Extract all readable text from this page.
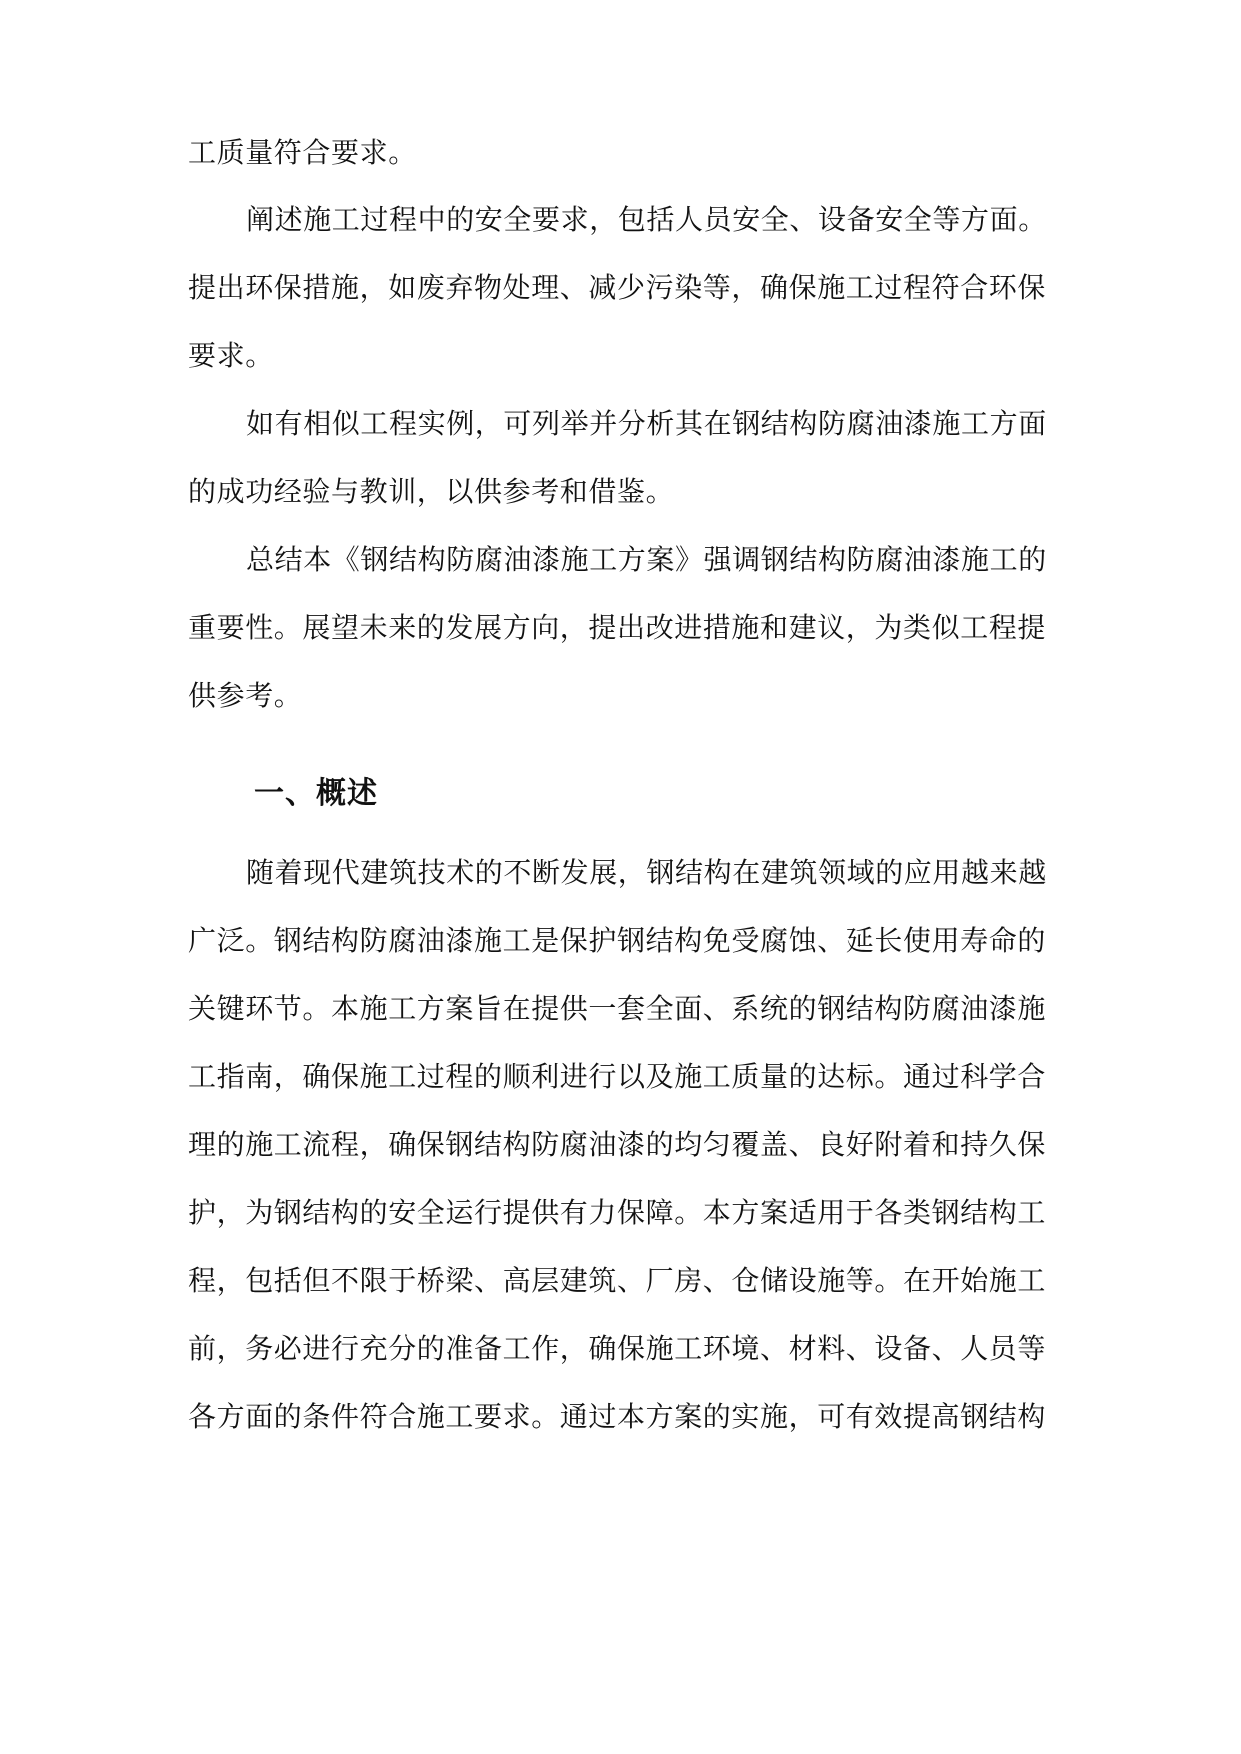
工质量符合要求。
阐述施工过程中的安全要求，包括人员安全、设备安全等方面。
提出环保措施，如废弃物处理、减少污染等，确保施工过程符合环保
要求。
如有相似工程实例，可列举并分析其在钢结构防腐油漆施工方面
的成功经验与教训，以供参考和借鉴。
总结本《钢结构防腐油漆施工方案》强调钢结构防腐油漆施工的
重要性。展望未来的发展方向，提出改进措施和建议，为类似工程提
供参考。
一、概述
随着现代建筑技术的不断发展，钢结构在建筑领域的应用越来越
广泛。钢结构防腐油漆施工是保护钢结构免受腐蚀、延长使用寿命的
关键环节。本施工方案旨在提供一套全面、系统的钢结构防腐油漆施
工指南，确保施工过程的顺利进行以及施工质量的达标。通过科学合
理的施工流程，确保钢结构防腐油漆的均匀覆盖、良好附着和持久保
护，为钢结构的安全运行提供有力保障。本方案适用于各类钢结构工
程，包括但不限于桥梁、高层建筑、厂房、仓储设施等。在开始施工
前，务必进行充分的准备工作，确保施工环境、材料、设备、人员等
各方面的条件符合施工要求。通过本方案的实施，可有效提高钢结构
